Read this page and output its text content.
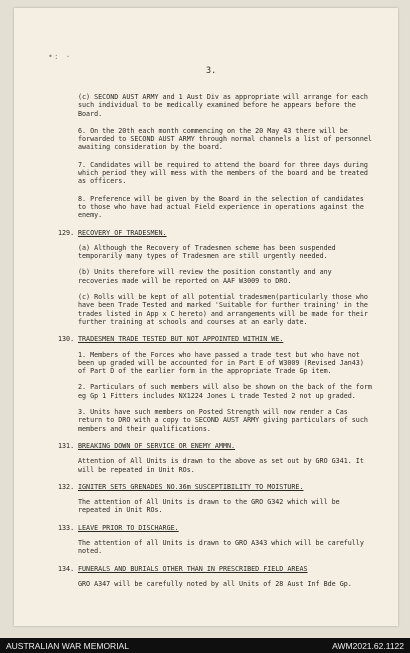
•: ·
3.

(c) SECOND AUST ARMY and 1 Aust Div as appropriate will arrange for each such individual to be medically examined before he appears before the Board.

6. On the 20th each month commencing on the 20 May 43 there will be forwarded to SECOND AUST ARMY through normal channels a list of personnel awaiting consideration by the board.

7. Candidates will be required to attend the board for three days during which period they will mess with the members of the board and be treated as officers.

8. Preference will be given by the Board in the selection of candidates to those who have had actual Field experience in operations against the enemy.

129. RECOVERY OF TRADESMEN.

(a) Although the Recovery of Tradesmen scheme has been suspended temporarily many types of Tradesmen are still urgently needed.

(b) Units therefore will review the position constantly and any recoveries made will be reported on AAF W3009 to DRO.

(c) Rolls will be kept of all potential tradesmen(particularly those who have been Trade Tested and marked 'Suitable for further training' in the trades listed in App x C hereto) and arrangements will be made for their further training at schools and courses at an early date.

130. TRADESMEN TRADE TESTED BUT NOT APPOINTED WITHIN WE.

1. Members of the Forces who have passed a trade test but who have not been up graded will be accounted for in Part E of W3009 (Revised Jan43) of Part D of the earlier form in the appropriate Trade Gp item.

2. Particulars of such members will also be shown on the back of the form eg Gp 1 Fitters includes NX1224 Jones L trade Tested 2 not up graded.

3. Units have such members on Posted Strength will now render a Cas return to DRO with a copy to SECOND AUST ARMY giving particulars of such members and their qualifications.

131. BREAKING DOWN OF SERVICE OR ENEMY AMMN.

Attention of All Units is drawn to the above as set out by GRO G341. It will be repeated in Unit ROs.

132. IGNITER SETS GRENADES NO.36m SUSCEPTIBILITY TO MOISTURE.

The attention of All Units is drawn to the GRO G342 which will be repeated in Unit ROs.

133. LEAVE PRIOR TO DISCHARGE.

The attention of all Units is drawn to GRO A343 which will be carefully noted.

134. FUNERALS AND BURIALS OTHER THAN IN PRESCRIBED FIELD AREAS

GRO A347 will be carefully noted by all Units of 28 Aust Inf Bde Gp.

AUSTRALIAN WAR MEMORIAL	AWM2021.62.1122
